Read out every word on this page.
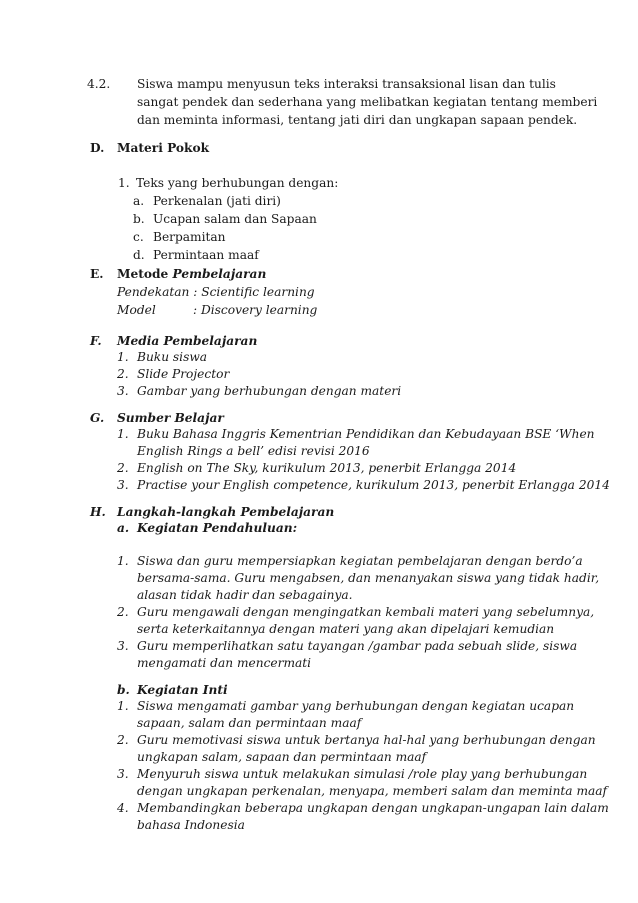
4.2. Siswa mampu menyusun teks interaksi transaksional lisan dan tulis
sangat pendek dan sederhana yang melibatkan kegiatan tentang memberi
dan meminta informasi, tentang jati diri dan ungkapan sapaan pendek.
D. Materi Pokok
1. Teks yang berhubungan dengan:
a. Perkenalan (jati diri)
b. Ucapan salam dan Sapaan
c. Berpamitan
d. Permintaan maaf
E. Metode Pembelajaran
Pendekatan : Scientific learning
Model	: Discovery learning
F. Media Pembelajaran
1. Buku siswa
2. Slide Projector
3. Gambar yang berhubungan dengan materi
G. Sumber Belajar
1. Buku Bahasa Inggris Kementrian Pendidikan dan Kebudayaan BSE ‘When
English Rings a bell’ edisi revisi 2016
2. English on The Sky, kurikulum 2013, penerbit Erlangga 2014
3. Practise your English competence, kurikulum 2013, penerbit Erlangga 2014
H. Langkah-langkah Pembelajaran
a. Kegiatan Pendahuluan:
1. Siswa dan guru mempersiapkan kegiatan pembelajaran dengan berdo’a
bersama-sama. Guru mengabsen, dan menanyakan siswa yang tidak hadir,
alasan tidak hadir dan sebagainya.
2. Guru mengawali dengan mengingatkan kembali materi yang sebelumnya,
serta keterkaitannya dengan materi yang akan dipelajari kemudian
3. Guru memperlihatkan satu tayangan /gambar pada sebuah slide, siswa
mengamati dan mencermati
b. Kegiatan Inti
1. Siswa mengamati gambar yang berhubungan dengan kegiatan ucapan
sapaan, salam dan permintaan maaf
2. Guru memotivasi siswa untuk bertanya hal-hal yang berhubungan dengan
ungkapan salam, sapaan dan permintaan maaf
3. Menyuruh siswa untuk melakukan simulasi /role play yang berhubungan
dengan ungkapan perkenalan, menyapa, memberi salam dan meminta maaf
4. Membandingkan beberapa ungkapan dengan ungkapan-ungapan lain dalam
bahasa Indonesia
